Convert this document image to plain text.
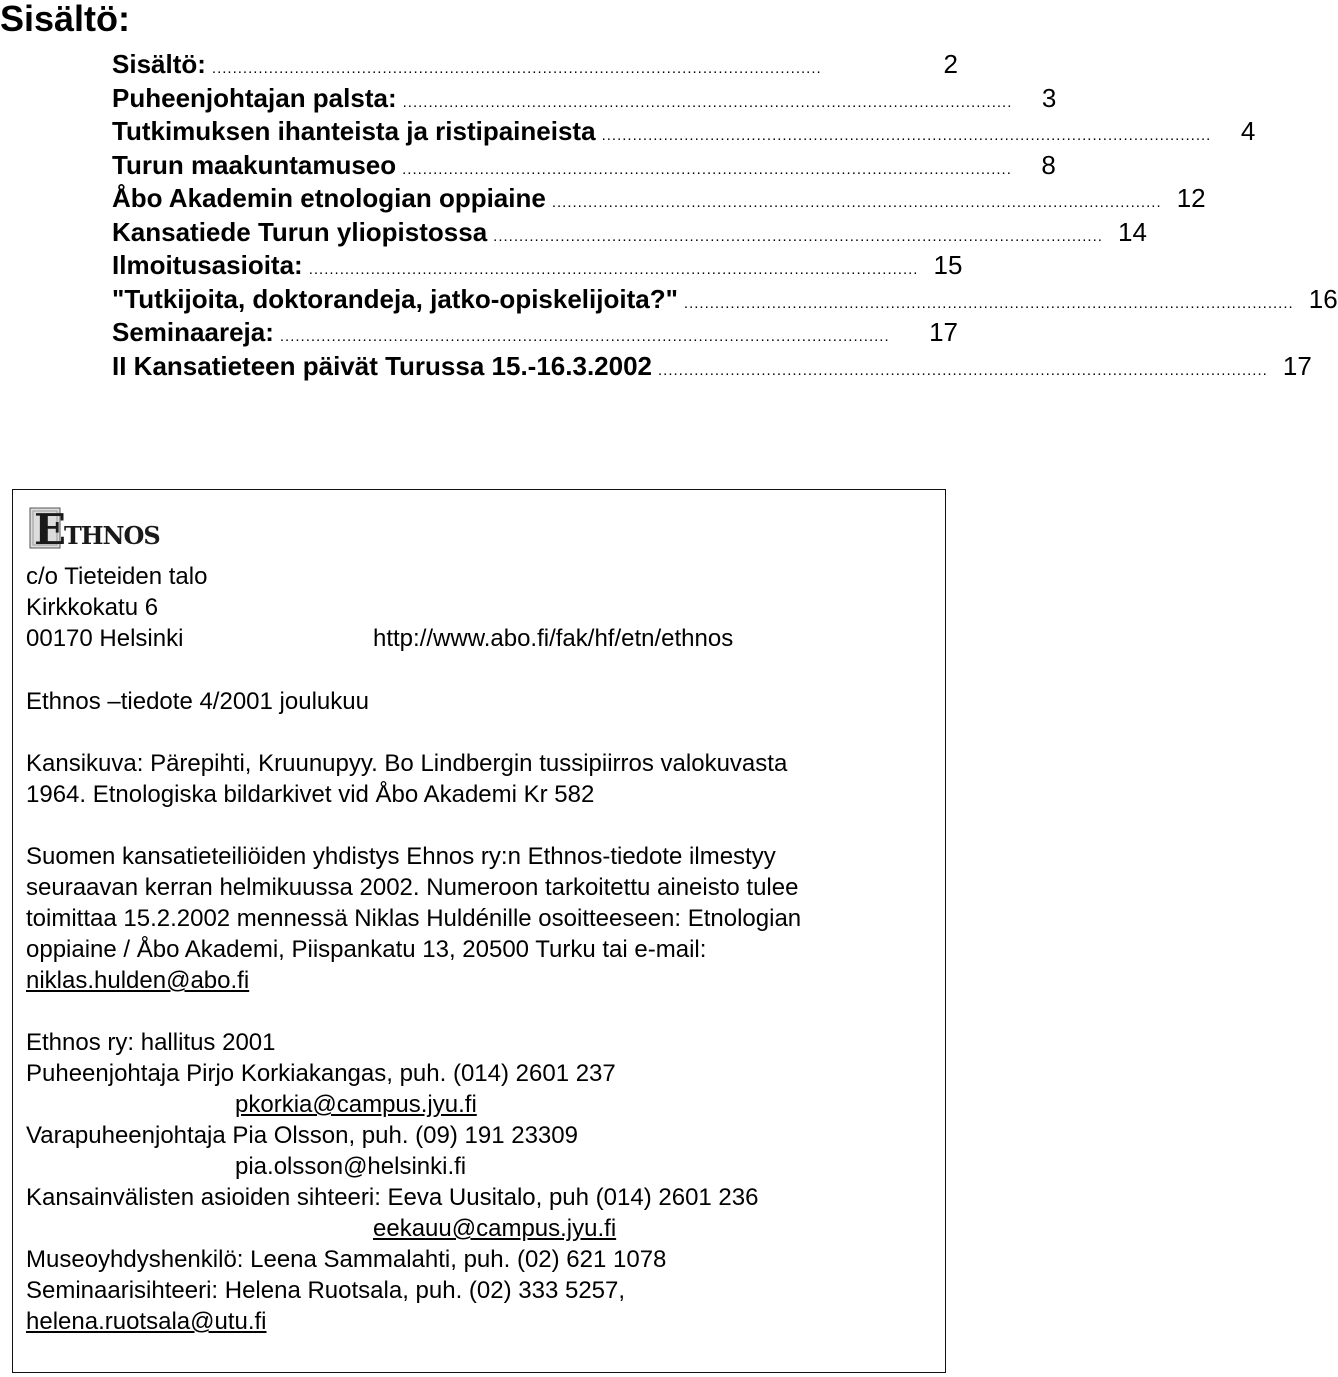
Sisältö:
Sisältö: ......................................................................................................................	2
Puheenjohtajan palsta: ......................................................................................................................	3
Tutkimuksen ihanteista ja ristipaineista ......................................................................................................................	4
Turun maakuntamuseo ......................................................................................................................	8
Åbo Akademin etnologian oppiaine ...................................................................................................................... 12
Kansatiede Turun yliopistossa ...................................................................................................................... 14
Ilmoitusasioita: ...................................................................................................................... 15
"Tutkijoita, doktorandeja, jatko-opiskelijoita?" ...................................................................................................................... 16
Seminaareja: ......................................................................................................................	17
II Kansatieteen päivät Turussa 15.-16.3.2002 ...................................................................................................................... 17
E
THNOS

c/o Tieteiden talo

Kirkkokatu 6

00170 Helsinki	http://www.abo.fi/fak/hf/etn/ethnos

Ethnos –tiedote 4/2001 joulukuu

Kansikuva: Pärepihti, Kruunupyy. Bo Lindbergin tussipiirros valokuvasta

1964. Etnologiska bildarkivet vid Åbo Akademi Kr 582

Suomen kansatieteiliöiden yhdistys Ehnos ry:n Ethnos-tiedote ilmestyy

seuraavan kerran helmikuussa 2002. Numeroon tarkoitettu aineisto tulee

toimittaa 15.2.2002 mennessä Niklas Huldénille osoitteeseen: Etnologian

oppiaine / Åbo Akademi, Piispankatu 13, 20500 Turku tai e-mail:

niklas.hulden@abo.fi

Ethnos ry: hallitus 2001

Puheenjohtaja Pirjo Korkiakangas, puh. (014) 2601 237

pkorkia@campus.jyu.fi

Varapuheenjohtaja Pia Olsson, puh. (09) 191 23309

pia.olsson@helsinki.fi

Kansainvälisten asioiden sihteeri: Eeva Uusitalo, puh (014) 2601 236

eekauu@campus.jyu.fi

Museoyhdyshenkilö: Leena Sammalahti, puh. (02) 621 1078

Seminaarisihteeri: Helena Ruotsala, puh. (02) 333 5257,

helena.ruotsala@utu.fi
